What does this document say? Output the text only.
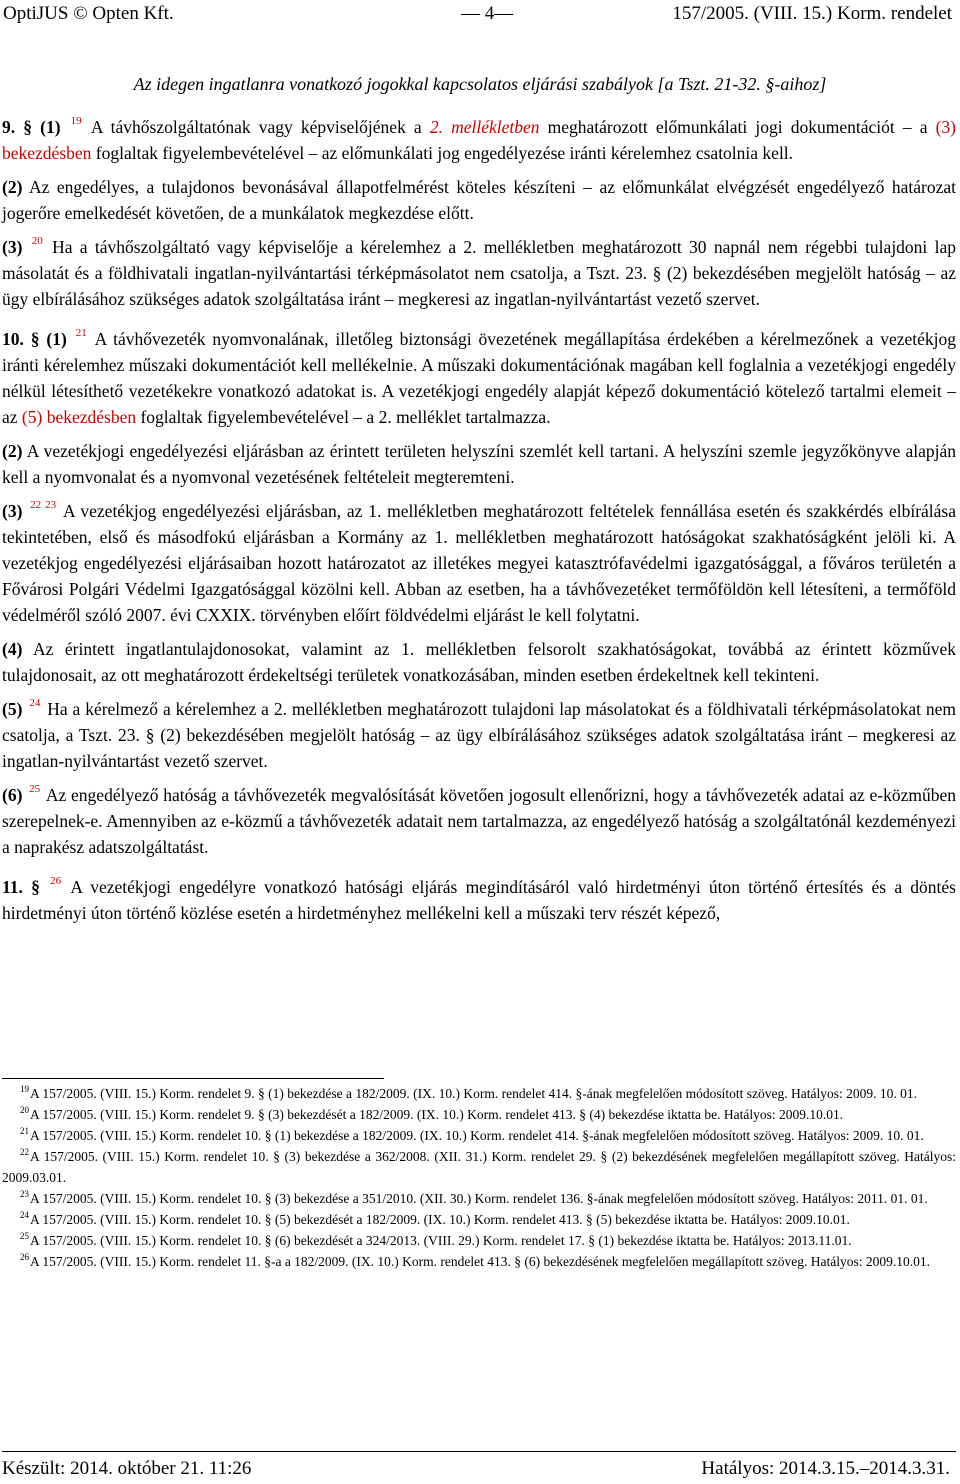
OptiJUS © Opten Kft.	— 4—	157/2005. (VIII. 15.) Korm. rendelet
Az idegen ingatlanra vonatkozó jogokkal kapcsolatos eljárási szabályok [a Tszt. 21-32. §-aihoz]

9. § (1) $^{19}$ A távhőszolgáltatónak vagy képviselőjének a 2. mellékletben meghatározott előmunkálati jogi dokumentációt – a (3) bekezdésben foglaltak figyelembevételével – az előmunkálati jog engedélyezése iránti kérelemhez csatolnia kell.

(2) Az engedélyes, a tulajdonos bevonásával állapotfelmérést köteles készíteni – az előmunkálat elvégzését engedélyező határozat jogerőre emelkedését követően, de a munkálatok megkezdése előtt.

(3) $^{20}$ Ha a távhőszolgáltató vagy képviselője a kérelemhez a 2. mellékletben meghatározott 30 napnál nem régebbi tulajdoni lap másolatát és a földhivatali ingatlan-nyilvántartási térképmásolatot nem csatolja, a Tszt. 23. § (2) bekezdésében megjelölt hatóság – az ügy elbírálásához szükséges adatok szolgáltatása iránt – megkeresi az ingatlan-nyilvántartást vezető szervet.

10. § (1) $^{21}$ A távhővezeték nyomvonalának, illetőleg biztonsági övezetének megállapítása érdekében a kérelmezőnek a vezetékjog iránti kérelemhez műszaki dokumentációt kell mellékelnie. A műszaki dokumentációnak magában kell foglalnia a vezetékjogi engedély nélkül létesíthető vezetékekre vonatkozó adatokat is. A vezetékjogi engedély alapját képező dokumentáció kötelező tartalmi elemeit – az (5) bekezdésben foglaltak figyelembevételével – a 2. melléklet tartalmazza.

(2) A vezetékjogi engedélyezési eljárásban az érintett területen helyszíni szemlét kell tartani. A helyszíni szemle jegyzőkönyve alapján kell a nyomvonalat és a nyomvonal vezetésének feltételeit megteremteni.

(3) $^{22}$ $^{23}$ A vezetékjog engedélyezési eljárásban, az 1. mellékletben meghatározott feltételek fennállása esetén és szakkérdés elbírálása tekintetében, első és másodfokú eljárásban a Kormány az 1. mellékletben meghatározott hatóságokat szakhatóságként jelöli ki. A vezetékjog engedélyezési eljárásaiban hozott határozatot az illetékes megyei katasztrófavédelmi igazgatósággal, a főváros területén a Fővárosi Polgári Védelmi Igazgatósággal közölni kell. Abban az esetben, ha a távhővezetéket termőföldön kell létesíteni, a termőföld védelméről szóló 2007. évi CXXIX. törvényben előírt földvédelmi eljárást le kell folytatni.

(4) Az érintett ingatlantulajdonosokat, valamint az 1. mellékletben felsorolt szakhatóságokat, továbbá az érintett közművek tulajdonosait, az ott meghatározott érdekeltségi területek vonatkozásában, minden esetben érdekeltnek kell tekinteni.

(5) $^{24}$ Ha a kérelmező a kérelemhez a 2. mellékletben meghatározott tulajdoni lap másolatokat és a földhivatali térképmásolatokat nem csatolja, a Tszt. 23. § (2) bekezdésében megjelölt hatóság – az ügy elbírálásához szükséges adatok szolgáltatása iránt – megkeresi az ingatlan-nyilvántartást vezető szervet.

(6) $^{25}$ Az engedélyező hatóság a távhővezeték megvalósítását követően jogosult ellenőrizni, hogy a távhővezeték adatai az e-közműben szerepelnek-e. Amennyiben az e-közmű a távhővezeték adatait nem tartalmazza, az engedélyező hatóság a szolgáltatónál kezdeményezi a naprakész adatszolgáltatást.

11. § $^{26}$ A vezetékjogi engedélyre vonatkozó hatósági eljárás megindításáról való hirdetményi úton történő értesítés és a döntés hirdetményi úton történő közlése esetén a hirdetményhez mellékelni kell a műszaki terv részét képező,

$^{19}$A 157/2005. (VIII. 15.) Korm. rendelet 9. § (1) bekezdése a 182/2009. (IX. 10.) Korm. rendelet 414. §-ának megfelelően módosított szöveg. Hatályos: 2009. 10. 01.

$^{20}$A 157/2005. (VIII. 15.) Korm. rendelet 9. § (3) bekezdését a 182/2009. (IX. 10.) Korm. rendelet 413. § (4) bekezdése iktatta be. Hatályos: 2009.10.01.

$^{21}$A 157/2005. (VIII. 15.) Korm. rendelet 10. § (1) bekezdése a 182/2009. (IX. 10.) Korm. rendelet 414. §-ának megfelelően módosított szöveg. Hatályos: 2009. 10. 01.

$^{22}$A 157/2005. (VIII. 15.) Korm. rendelet 10. § (3) bekezdése a 362/2008. (XII. 31.) Korm. rendelet 29. § (2) bekezdésének megfelelően megállapított szöveg. Hatályos: 2009.03.01.

$^{23}$A 157/2005. (VIII. 15.) Korm. rendelet 10. § (3) bekezdése a 351/2010. (XII. 30.) Korm. rendelet 136. §-ának megfelelően módosított szöveg. Hatályos: 2011. 01. 01.

$^{24}$A 157/2005. (VIII. 15.) Korm. rendelet 10. § (5) bekezdését a 182/2009. (IX. 10.) Korm. rendelet 413. § (5) bekezdése iktatta be. Hatályos: 2009.10.01.

$^{25}$A 157/2005. (VIII. 15.) Korm. rendelet 10. § (6) bekezdését a 324/2013. (VIII. 29.) Korm. rendelet 17. § (1) bekezdése iktatta be. Hatályos: 2013.11.01.

$^{26}$A 157/2005. (VIII. 15.) Korm. rendelet 11. §-a a 182/2009. (IX. 10.) Korm. rendelet 413. § (6) bekezdésének megfelelően megállapított szöveg. Hatályos: 2009.10.01.

Készült: 2014. október 21. 11:26	Hatályos: 2014.3.15.–2014.3.31.
